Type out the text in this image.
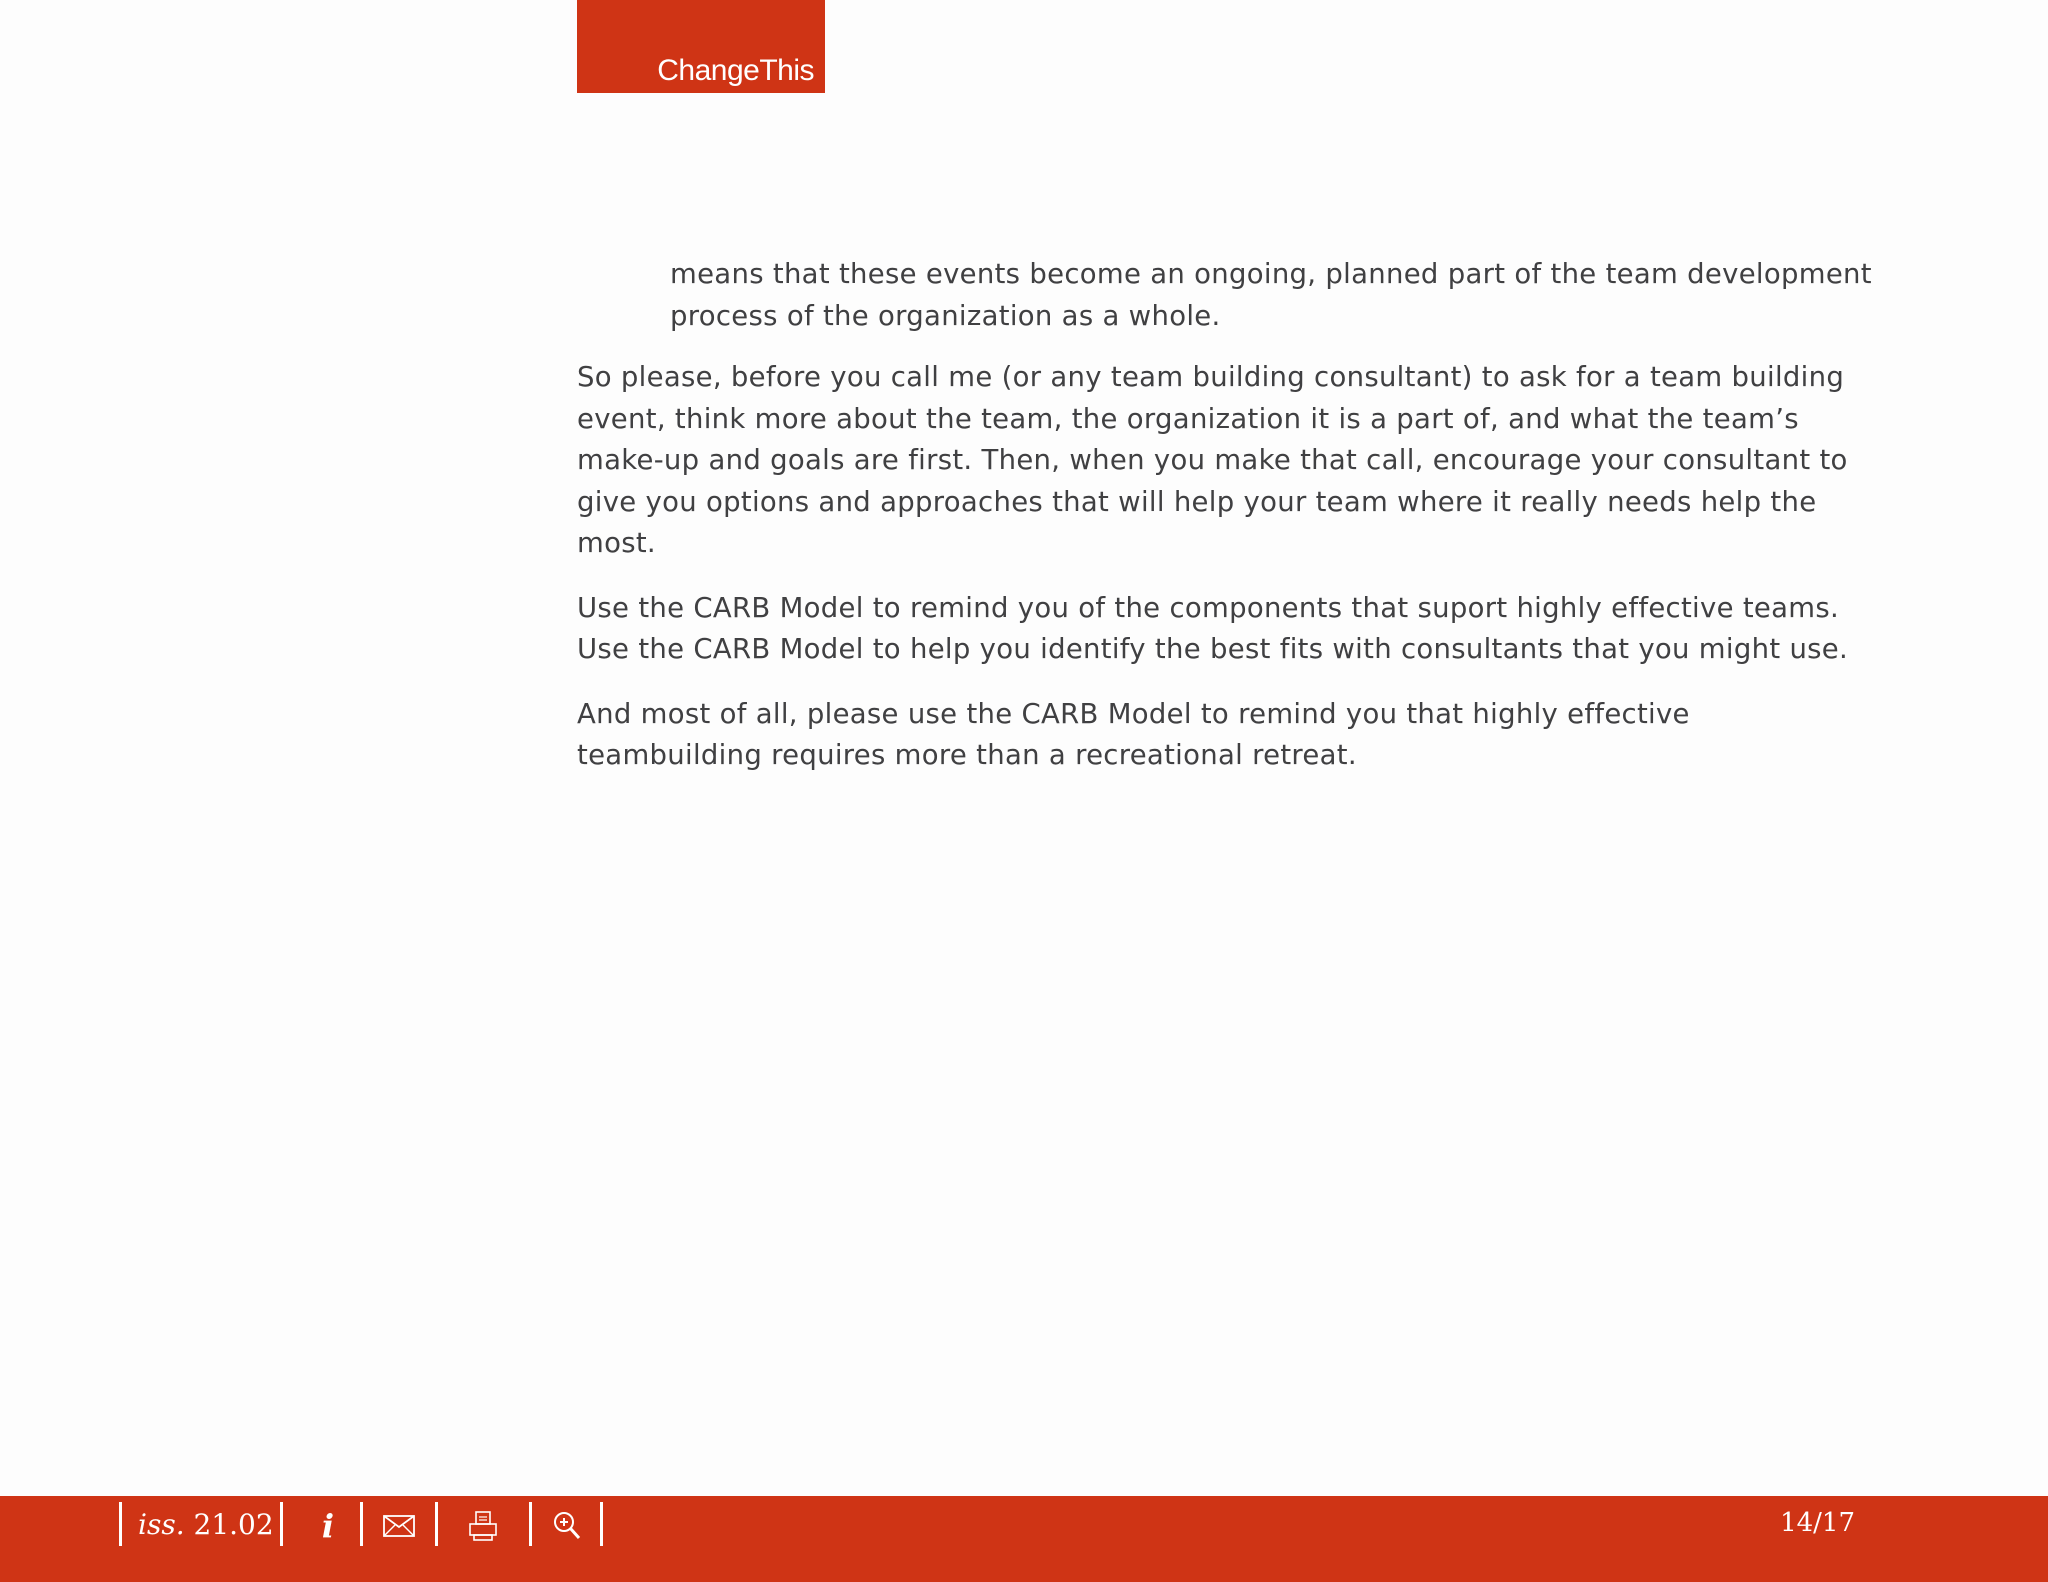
ChangeThis

means that these events become an ongoing, planned part of the team development process of the organization as a whole.

So please, before you call me (or any team building consultant) to ask for a team building event, think more about the team, the organization it is a part of, and what the team’s make-up and goals are first. Then, when you make that call, encourage your consultant to give you options and approaches that will help your team where it really needs help the most.

Use the CARB Model to remind you of the components that suport highly effective teams. Use the CARB Model to help you identify the best fits with consultants that you might use.

And most of all, please use the CARB Model to remind you that highly effective teambuilding requires more than a recreational retreat.

iss. 21.02 i	14/17
